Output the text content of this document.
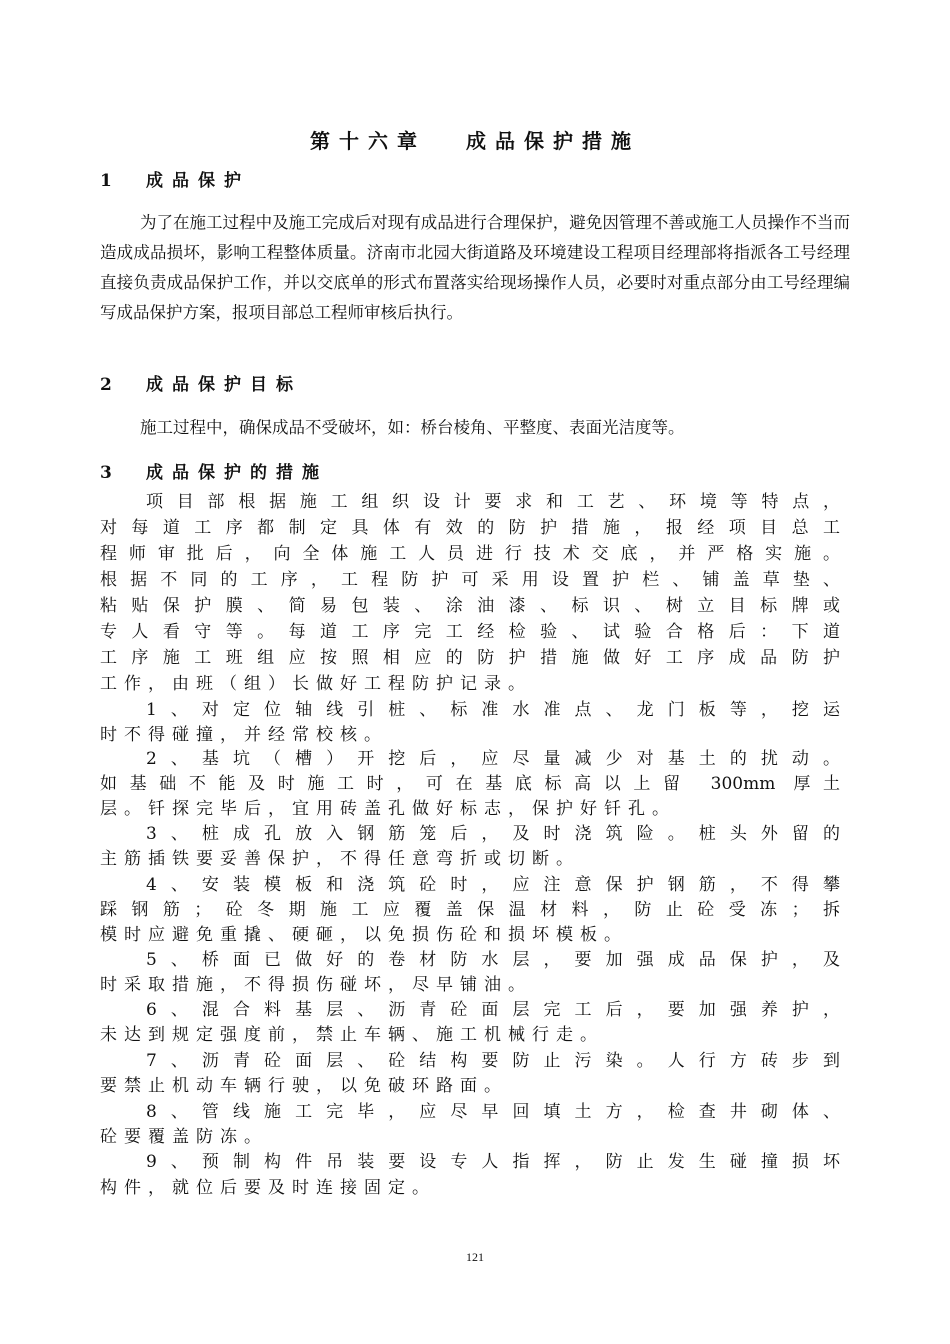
第十六章 成品保护措施
1 成品保护
为了在施工过程中及施工完成后对现有成品进行合理保护，避免因管理不善或施工人员操作不当而造成成品损坏，影响工程整体质量。济南市北园大街道路及环境建设工程项目经理部将指派各工号经理直接负责成品保护工作，并以交底单的形式布置落实给现场操作人员，必要时对重点部分由工号经理编写成品保护方案，报项目部总工程师审核后执行。
2 成品保护目标
施工过程中，确保成品不受破坏，如：桥台棱角、平整度、表面光洁度等。
3 成品保护的措施
项目部根据施工组织设计要求和工艺、环境等特点，
对每道工序都制定具体有效的防护措施，报经项目总工
程师审批后，向全体施工人员进行技术交底，并严格实施。
根据不同的工序，工程防护可采用设置护栏、铺盖草垫、
粘贴保护膜、简易包装、涂油漆、标识、树立目标牌或
专人看守等。每道工序完工经检验、试验合格后：下道
工序施工班组应按照相应的防护措施做好工序成品防护
工作，由班（组）长做好工程防护记录。
1、对定位轴线引桩、标准水准点、龙门板等，挖运
时不得碰撞，并经常校核。
2、基坑（槽）开挖后，应尽量减少对基土的扰动。
如基础不能及时施工时，可在基底标高以上留 300mm 厚土
层。钎探完毕后，宜用砖盖孔做好标志，保护好钎孔。
3、桩成孔放入钢筋笼后，及时浇筑险。桩头外留的
主筋插铁要妥善保护，不得任意弯折或切断。
4、安装模板和浇筑砼时，应注意保护钢筋，不得攀
踩钢筋；砼冬期施工应覆盖保温材料，防止砼受冻；拆
模时应避免重撬、硬砸，以免损伤砼和损坏模板。
5、桥面已做好的卷材防水层，要加强成品保护，及
时采取措施，不得损伤碰坏，尽早铺油。
6、混合料基层、沥青砼面层完工后，要加强养护，
未达到规定强度前，禁止车辆、施工机械行走。
7、沥青砼面层、砼结构要防止污染。人行方砖步到
要禁止机动车辆行驶，以免破环路面。
8、管线施工完毕，应尽早回填土方，检查井砌体、
砼要覆盖防冻。
9、预制构件吊装要设专人指挥，防止发生碰撞损坏
构件，就位后要及时连接固定。
121
